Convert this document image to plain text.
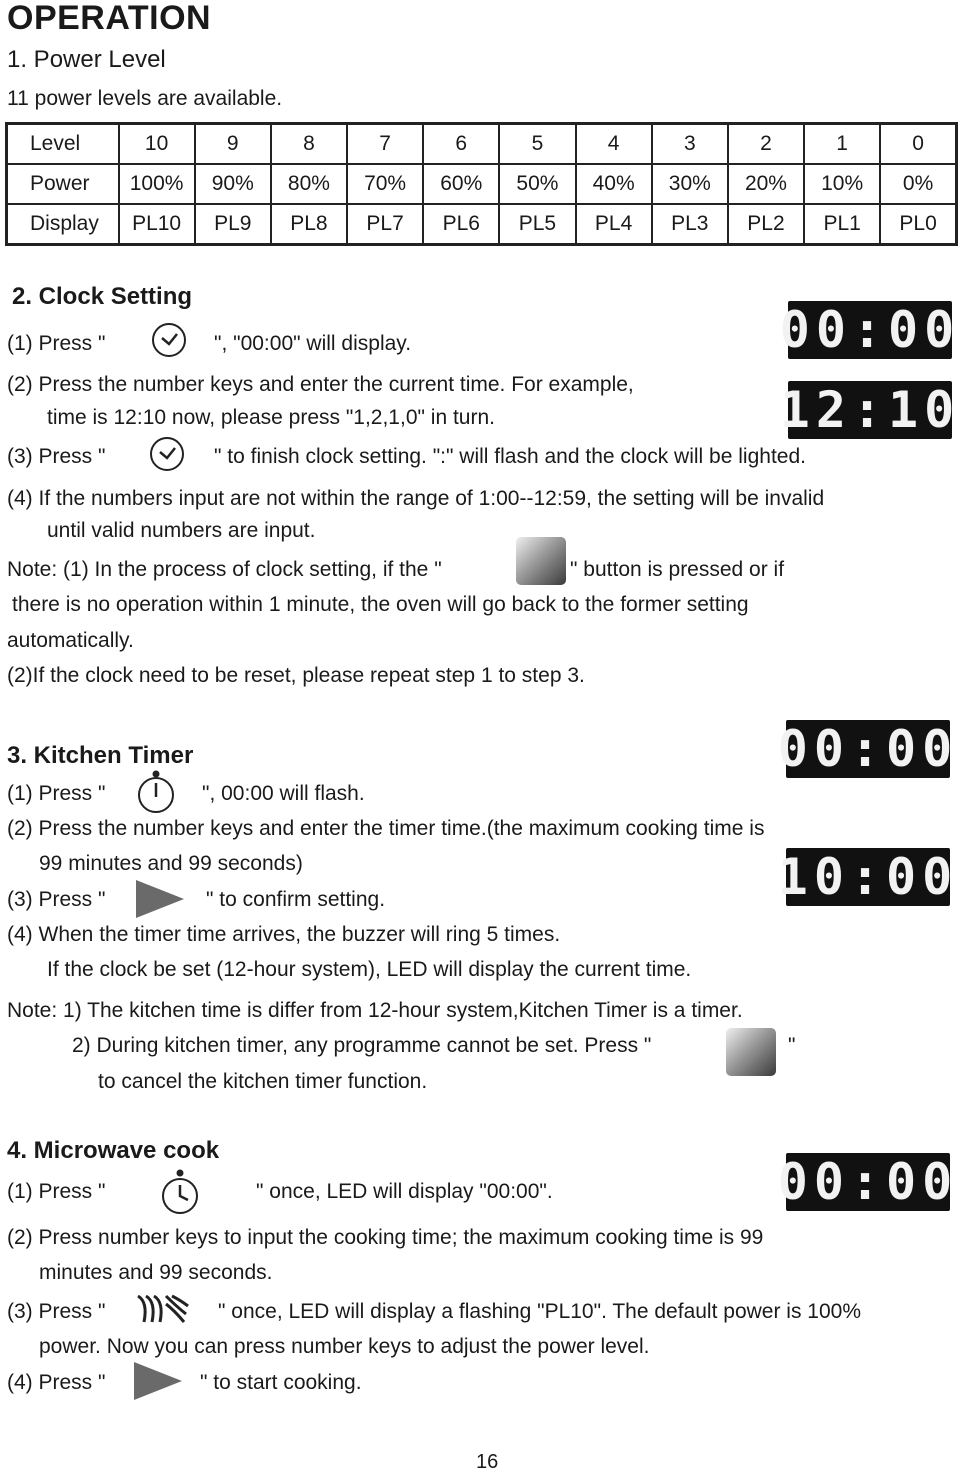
OPERATION
1. Power Level
11 power levels are available.
Level	10	9	8	7	6	5	4	3	2	1	0
Power	100%	90%	80%	70%	60%	50%	40%	30%	20%	10%	0%
Display	PL10	PL9	PL8	PL7	PL6	PL5	PL4	PL3	PL2	PL1	PL0
2. Clock Setting
(1) Press "	", "00:00" will display.	00:00
(2) Press the number keys and enter the current time. For example,
time is 12:10 now, please press "1,2,1,0" in turn.	12:10
(3) Press "	" to finish clock setting. ":" will flash and the clock will be lighted.
(4) If the numbers input are not within the range of 1:00--12:59, the setting will be invalid
until valid numbers are input.
Note: (1) In the process of clock setting, if the "	" button is pressed or if
there is no operation within 1 minute, the oven will go back to the former setting
automatically.
(2)If the clock need to be reset, please repeat step 1 to step 3.
3. Kitchen Timer	00:00
(1) Press "	", 00:00 will flash.
(2) Press the number keys and enter the timer time.(the maximum cooking time is
99 minutes and 99 seconds)	10:00
(3) Press "	" to confirm setting.
(4) When the timer time arrives, the buzzer will ring 5 times.
If the clock be set (12-hour system), LED will display the current time.
Note: 1) The kitchen time is differ from 12-hour system,Kitchen Timer is a timer.
2) During kitchen timer, any programme cannot be set. Press "	"
to cancel the kitchen timer function.
4. Microwave cook
00:00
(1) Press "	" once, LED will display "00:00".
(2) Press number keys to input the cooking time; the maximum cooking time is 99
minutes and 99 seconds.
(3) Press "	" once, LED will display a flashing "PL10". The default power is 100%
power. Now you can press number keys to adjust the power level.
(4) Press "	" to start cooking.
16
